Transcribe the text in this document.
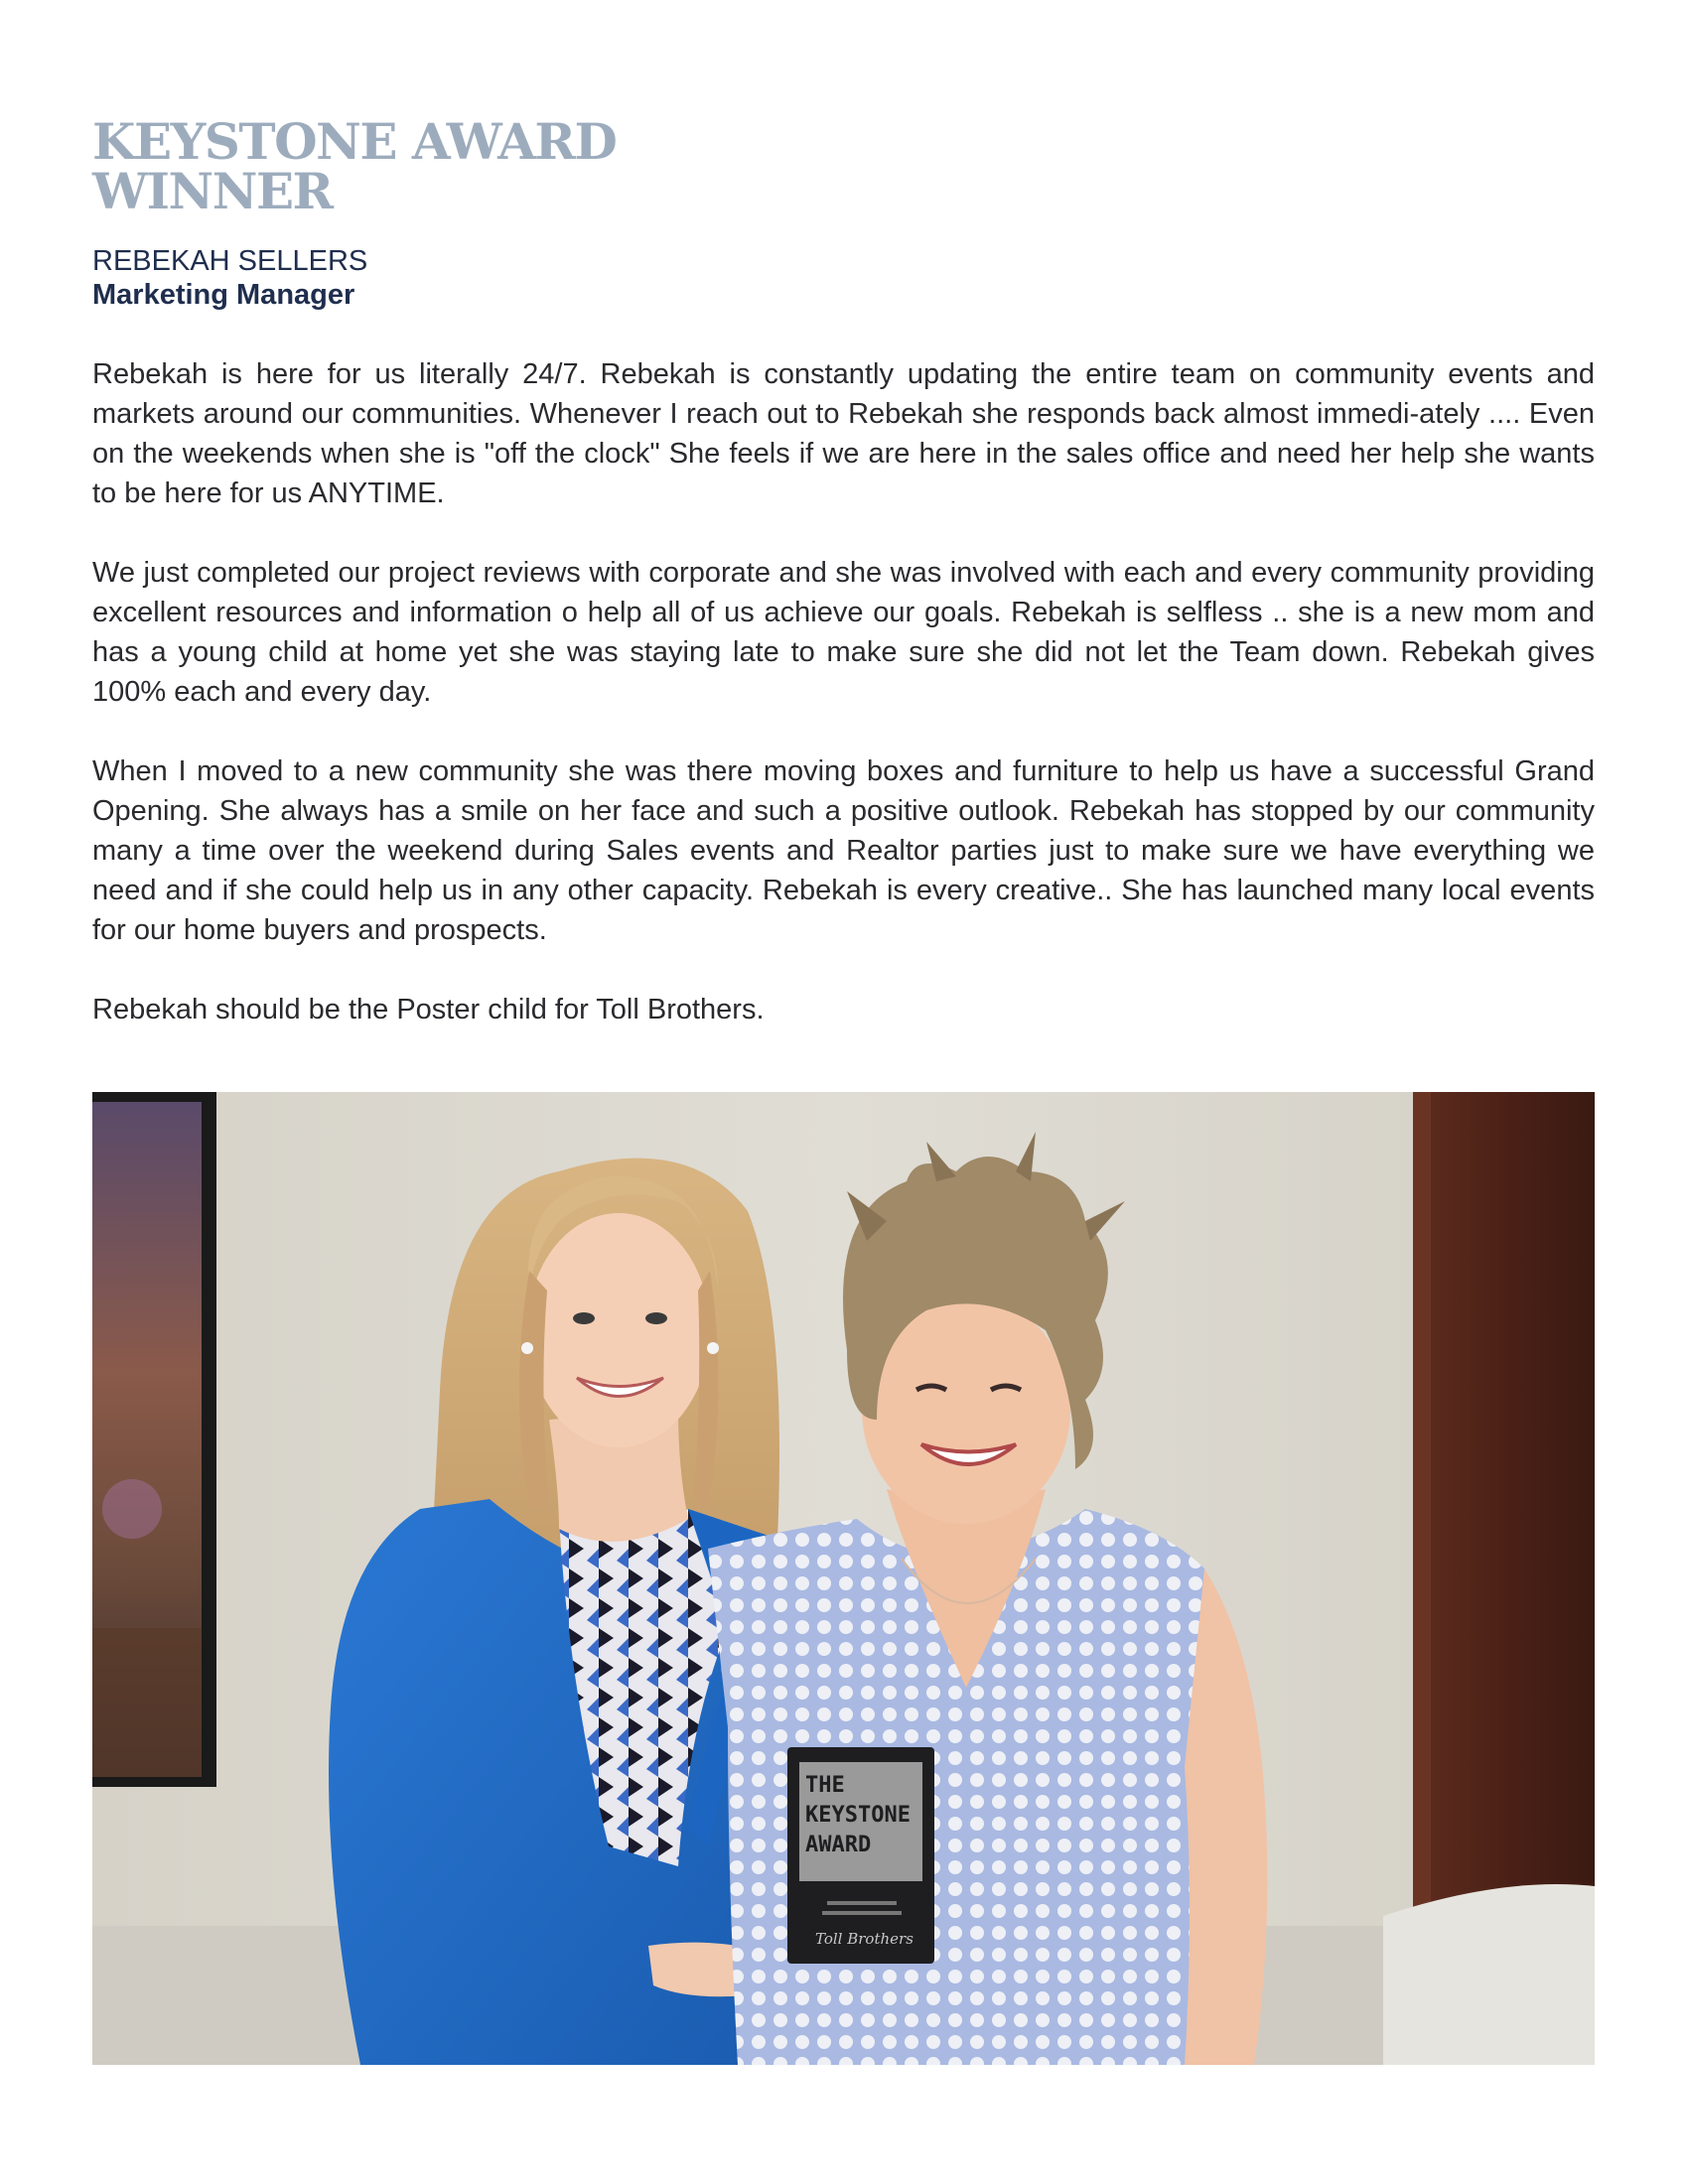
KEYSTONE AWARD
WINNER
REBEKAH SELLERS
Marketing Manager

Rebekah is here for us literally 24/7. Rebekah is constantly updating the entire team on community events and markets around our communities. Whenever I reach out to Rebekah she responds back almost immedi-ately .... Even on the weekends when she is "off the clock" She feels if we are here in the sales office and need her help she wants to be here for us ANYTIME.

We just completed our project reviews with corporate and she was involved with each and every community providing excellent resources and information o help all of us achieve our goals. Rebekah is selfless .. she is a new mom and has a young child at home yet she was staying late to make sure she did not let the Team down. Rebekah gives 100% each and every day.

When I moved to a new community she was there moving boxes and furniture to help us have a successful Grand Opening. She always has a smile on her face and such a positive outlook. Rebekah has stopped by our community many a time over the weekend during Sales events and Realtor parties just to make sure we have everything we need and if she could help us in any other capacity. Rebekah is every creative.. She has launched many local events for our home buyers and prospects.

Rebekah should be the Poster child for Toll Brothers.

THE
KEYSTONE
AWARD
Toll Brothers
